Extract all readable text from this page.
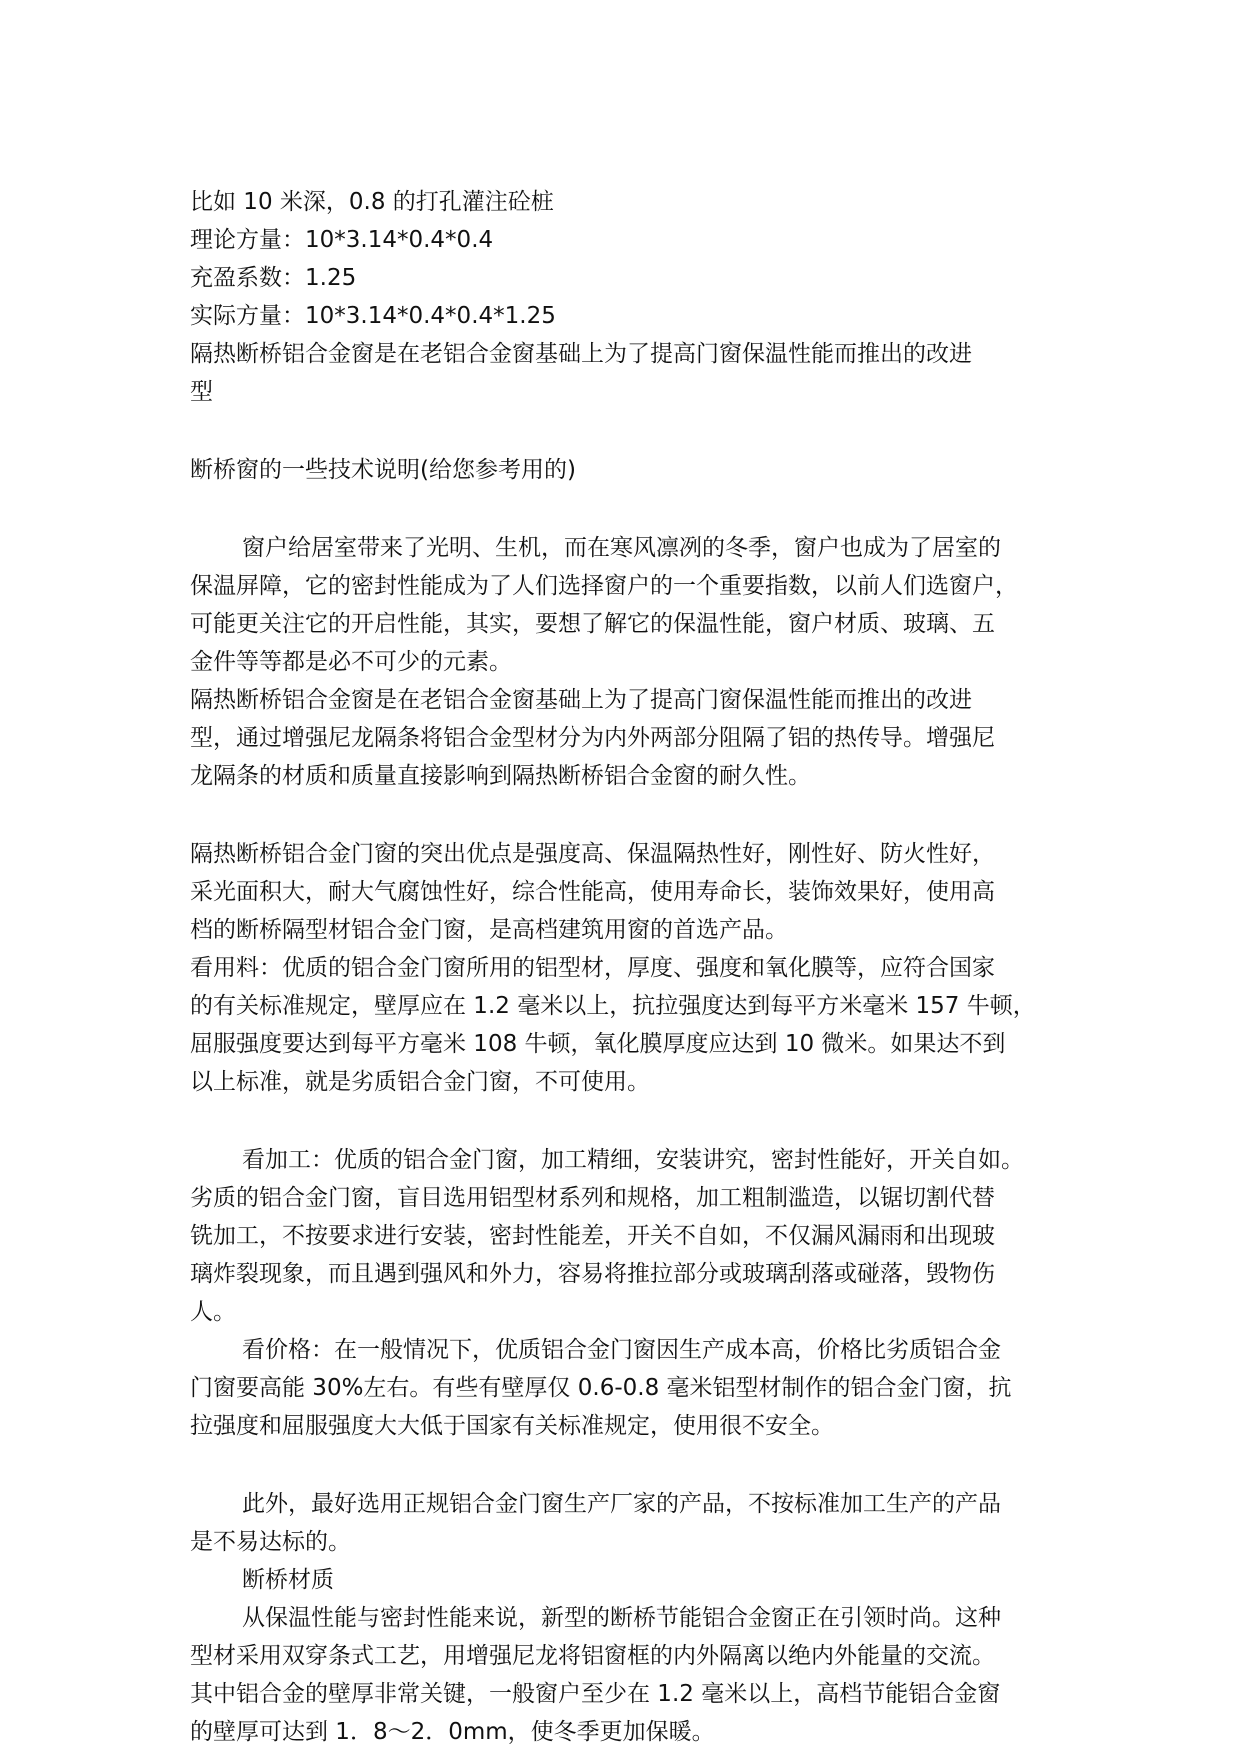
比如 10 米深，0.8 的打孔灌注砼桩
理论方量：10*3.14*0.4*0.4
充盈系数：1.25
实际方量：10*3.14*0.4*0.4*1.25
隔热断桥铝合金窗是在老铝合金窗基础上为了提高门窗保温性能而推出的改进
型
断桥窗的一些技术说明(给您参考用的)
窗户给居室带来了光明、生机，而在寒风凛冽的冬季，窗户也成为了居室的
保温屏障，它的密封性能成为了人们选择窗户的一个重要指数，以前人们选窗户，
可能更关注它的开启性能，其实，要想了解它的保温性能，窗户材质、玻璃、五
金件等等都是必不可少的元素。
隔热断桥铝合金窗是在老铝合金窗基础上为了提高门窗保温性能而推出的改进
型，通过增强尼龙隔条将铝合金型材分为内外两部分阻隔了铝的热传导。增强尼
龙隔条的材质和质量直接影响到隔热断桥铝合金窗的耐久性。
隔热断桥铝合金门窗的突出优点是强度高、保温隔热性好，刚性好、防火性好，
采光面积大，耐大气腐蚀性好，综合性能高，使用寿命长，装饰效果好，使用高
档的断桥隔型材铝合金门窗，是高档建筑用窗的首选产品。
看用料：优质的铝合金门窗所用的铝型材，厚度、强度和氧化膜等，应符合国家
的有关标准规定，壁厚应在 1.2 毫米以上，抗拉强度达到每平方米毫米 157 牛顿，
屈服强度要达到每平方毫米 108 牛顿，氧化膜厚度应达到 10 微米。如果达不到
以上标准，就是劣质铝合金门窗，不可使用。
看加工：优质的铝合金门窗，加工精细，安装讲究，密封性能好，开关自如。
劣质的铝合金门窗，盲目选用铝型材系列和规格，加工粗制滥造，以锯切割代替
铣加工，不按要求进行安装，密封性能差，开关不自如，不仅漏风漏雨和出现玻
璃炸裂现象，而且遇到强风和外力，容易将推拉部分或玻璃刮落或碰落，毁物伤
人。
看价格：在一般情况下，优质铝合金门窗因生产成本高，价格比劣质铝合金
门窗要高能 30%左右。有些有壁厚仅 0.6-0.8 毫米铝型材制作的铝合金门窗，抗
拉强度和屈服强度大大低于国家有关标准规定，使用很不安全。
此外，最好选用正规铝合金门窗生产厂家的产品，不按标准加工生产的产品
是不易达标的。
断桥材质
从保温性能与密封性能来说，新型的断桥节能铝合金窗正在引领时尚。这种
型材采用双穿条式工艺，用增强尼龙将铝窗框的内外隔离以绝内外能量的交流。
其中铝合金的壁厚非常关键，一般窗户至少在 1.2 毫米以上，高档节能铝合金窗
的壁厚可达到 1．8～2．0mm，使冬季更加保暖。
